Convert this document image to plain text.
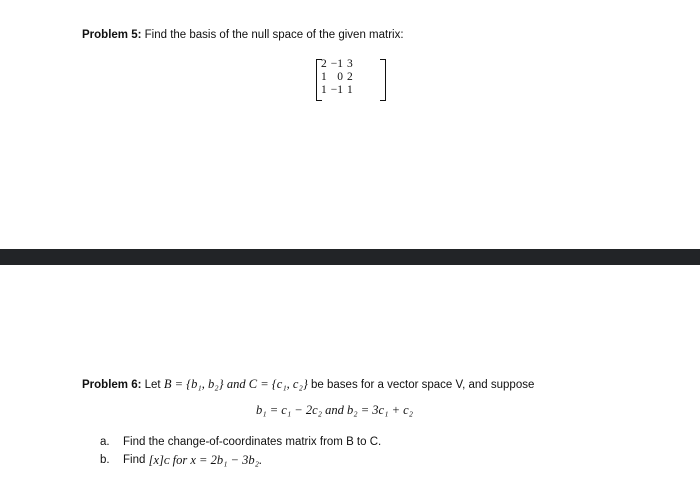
Problem 5: Find the basis of the null space of the given matrix:
2	−1	3
1	0	2
1	−1	1
Problem 6: Let B = {b₁, b₂} and C = {c₁, c₂} be bases for a vector space V, and suppose
b₁ = c₁ − 2c₂ and b₂ = 3c₁ + c₂
a.	Find the change-of-coordinates matrix from B to C.
b.	Find
[x]ᴄ for x = 2b₁ − 3b₂.
